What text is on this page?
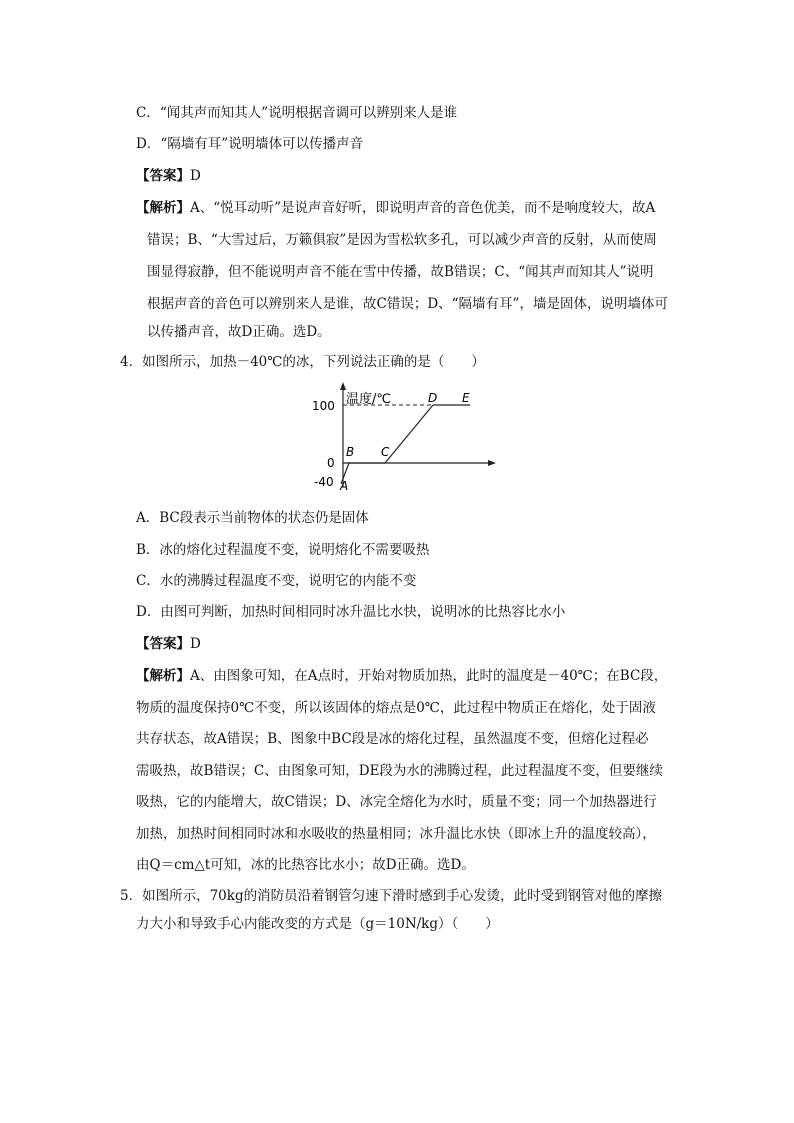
C．“闻其声而知其人”说明根据音调可以辨别来人是谁
D．“隔墙有耳”说明墙体可以传播声音
【答案】D
【解析】A、“悦耳动听”是说声音好听，即说明声音的音色优美，而不是响度较大，故A
错误；B、“大雪过后，万籁俱寂”是因为雪松软多孔，可以减少声音的反射，从而使周
围显得寂静，但不能说明声音不能在雪中传播，故B错误；C、“闻其声而知其人”说明
根据声音的音色可以辨别来人是谁，故C错误；D、“隔墙有耳”，墙是固体，说明墙体可
以传播声音，故D正确。选D。
4．如图所示，加热－40℃的冰，下列说法正确的是（　　）
温度/℃
100
0
-40 A
B C
D E
A．BC段表示当前物体的状态仍是固体
B．冰的熔化过程温度不变，说明熔化不需要吸热
C．水的沸腾过程温度不变，说明它的内能不变
D．由图可判断，加热时间相同时冰升温比水快，说明冰的比热容比水小
【答案】D
【解析】A、由图象可知，在A点时，开始对物质加热，此时的温度是－40℃；在BC段，
物质的温度保持0℃不变，所以该固体的熔点是0℃，此过程中物质正在熔化，处于固液
共存状态，故A错误；B、图象中BC段是冰的熔化过程，虽然温度不变，但熔化过程必
需吸热，故B错误；C、由图象可知，DE段为水的沸腾过程，此过程温度不变，但要继续
吸热，它的内能增大，故C错误；D、冰完全熔化为水时，质量不变；同一个加热器进行
加热，加热时间相同时冰和水吸收的热量相同；冰升温比水快（即冰上升的温度较高），
由Q＝cm△t可知，冰的比热容比水小；故D正确。选D。
5．如图所示，70kg的消防员沿着钢管匀速下滑时感到手心发烫，此时受到钢管对他的摩擦
力大小和导致手心内能改变的方式是（g＝10N/kg）（　　）
